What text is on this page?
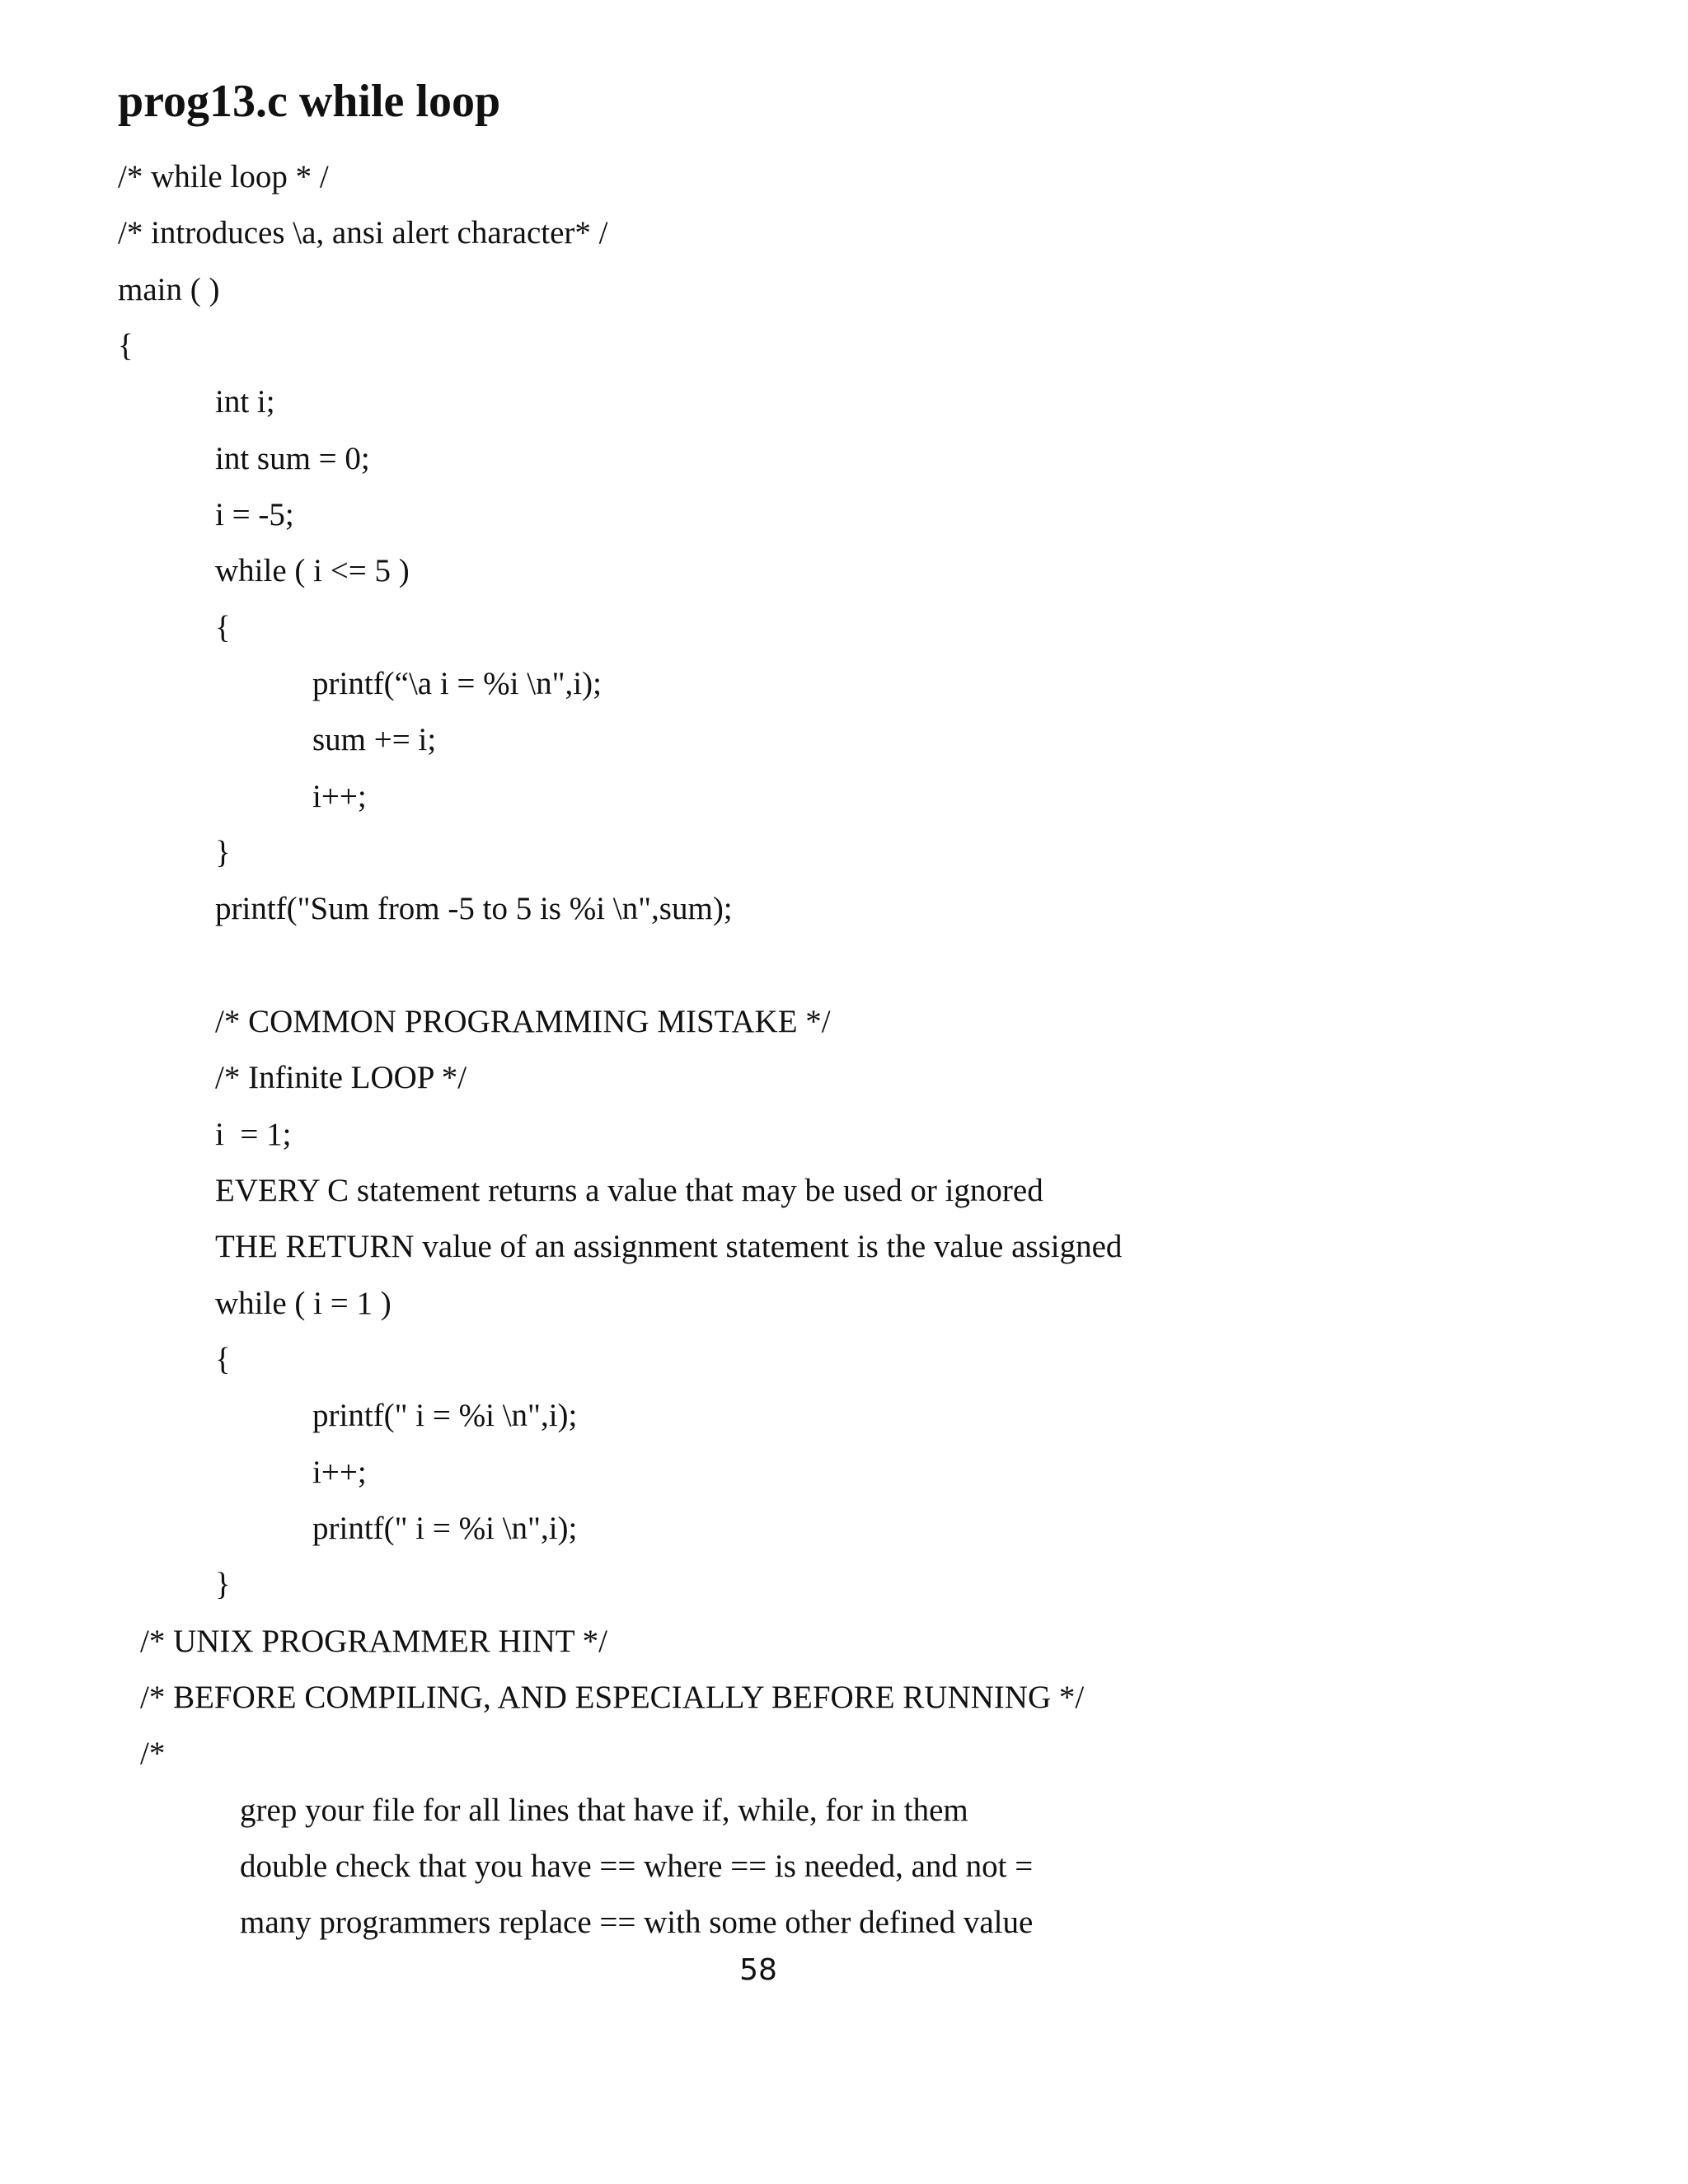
prog13.c while loop
/* while loop * /
/* introduces \a, ansi alert character* /
main ( )
{
int i;
int sum = 0;
i = -5;
while ( i <= 5 )
{
printf(“\a i = %i \n",i);
sum += i;
i++;
}
printf("Sum from -5 to 5 is %i \n",sum);
/* COMMON PROGRAMMING MISTAKE */
/* Infinite LOOP */
i  = 1;
EVERY C statement returns a value that may be used or ignored
THE RETURN value of an assignment statement is the value assigned
while ( i = 1 )
{
printf(" i = %i \n",i);
i++;
printf(" i = %i \n",i);
}
/* UNIX PROGRAMMER HINT */
/* BEFORE COMPILING, AND ESPECIALLY BEFORE RUNNING */
/*
grep your file for all lines that have if, while, for in them
double check that you have == where == is needed, and not =
many programmers replace == with some other defined value
58
